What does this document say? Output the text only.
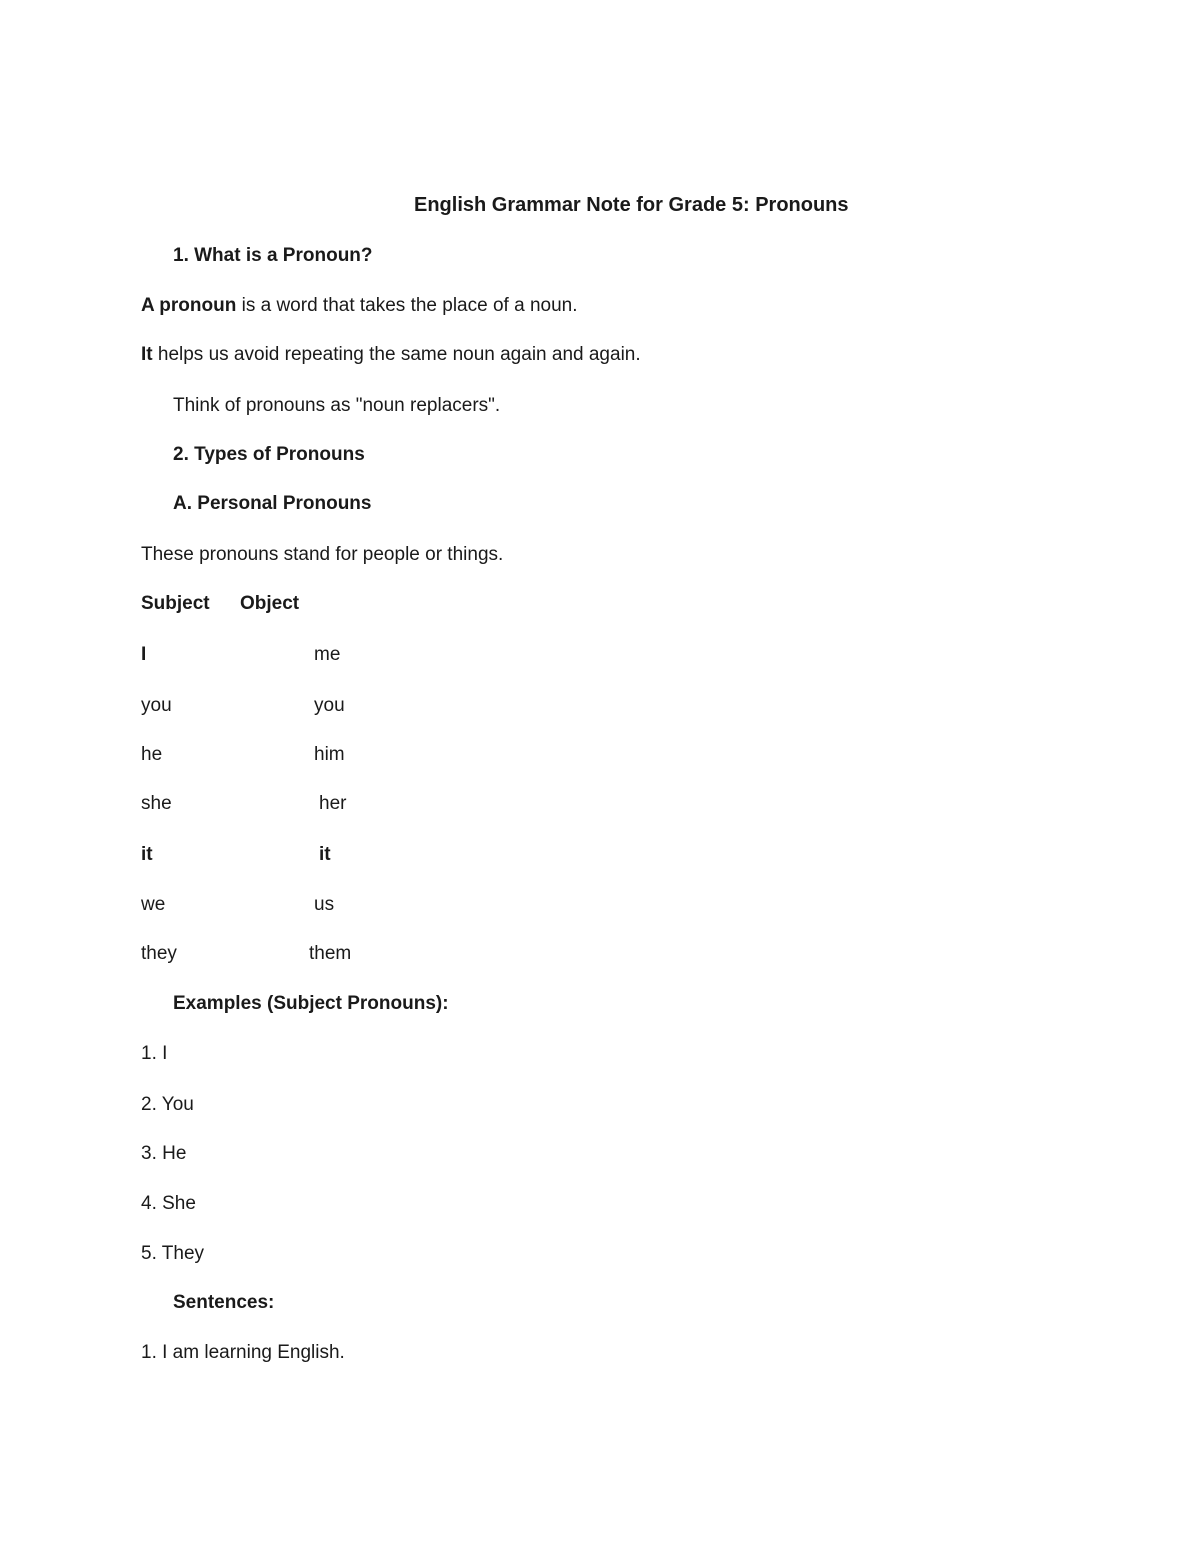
English Grammar Note for Grade 5: Pronouns
1. What is a Pronoun?
A pronoun is a word that takes the place of a noun.
It helps us avoid repeating the same noun again and again.
Think of pronouns as "noun replacers".
2. Types of Pronouns
A. Personal Pronouns
These pronouns stand for people or things.
Subject Object
I	me
you	you
he	him
she	her
it	it
we	us
they	them
Examples (Subject Pronouns):
1. I
2. You
3. He
4. She
5. They
Sentences:
1. I am learning English.
